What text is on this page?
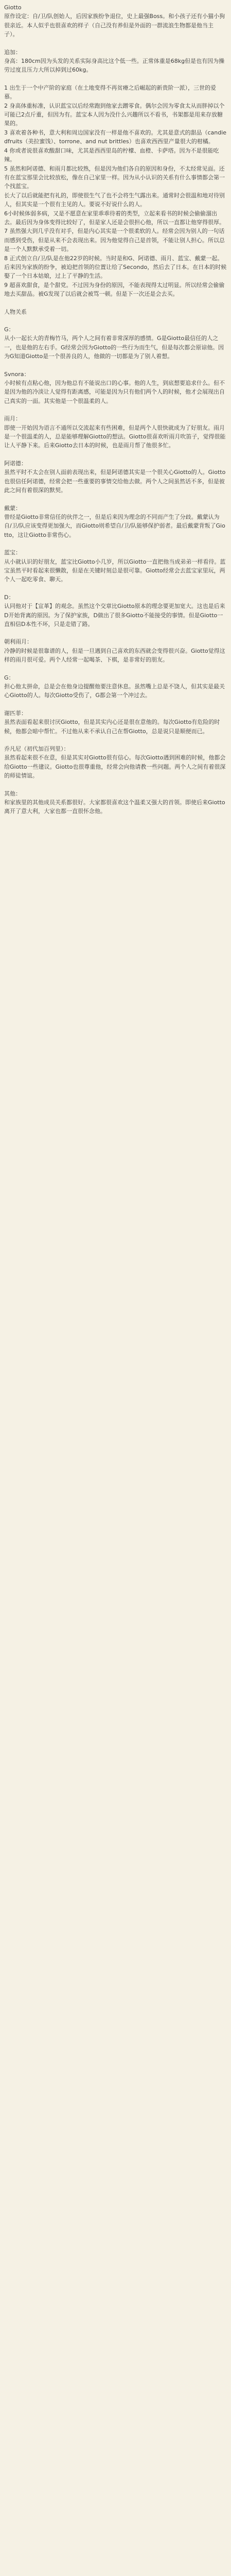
Giotto

原作设定：自/卫/队创始人，后因家族纷争退位，史上最强Boss。和小孩子还有小猫小狗很亲近。本人似乎也很喜欢的样子（自己没有养但是外面的一群流浪生物都是他当主子）。

追加：

身高：180cm因为头发的关系实际身高比这个低一些。正常体重是68kg但是也有因为操劳过度且压力大所以掉到过60kg。

1 出生于一个中产阶的家庭（在土地变得不再贫瘠之后崛起的新贵阶一派），三世的爱慕。

2 身高体重标准，认识蓝宝以后经常跑到他家去蹭零食。偶尔会因为零食太从而胖掉以个可能已2点斤重，但因为有。蓝宝本人因为没什么兴趣所以不看书，书架都是用来存放糖果的。

3 喜欢着各种书，意大利和周边国家没有一样是他不喜欢的。尤其是意式的甜品（candiedfruits（美拉蜜饯）、torrone、and nut brittles）也喜欢西西里产量很大的柑橘。

4 你或者说很喜欢酸甜口味，尤其是西西里岛的柠檬、血橙、卡萨塔。因为不是很能吃辣。

5 虽然和阿诺德、和雨月都比较熟，但是因为他们各自的原因和身份，不太经常见面。还有在蓝宝那里会比较放松，像在自己家里一样。因为从小认识的关系有什么事情都会第一个找蓝宝。

长大了以后就能把有礼的，即使很生气了也不会将生气露出来。通常时会很温和地对待别人，但其实是一个很有主见的人。要说不好说什么的人。

6小时候体弱多病，又是不愿意在家里乖乖待着的类型，立起来看书的时候会偷偷溜出去。最后因为身体变得比较好了，但是家人还是会很担心他，所以一直都让他穿得很厚。

7 虽然强大到几乎没有对手，但是内心其实是一个很柔软的人。经常会因为别人的一句话而感到受伤，但是从来不会表现出来。因为他觉得自己是首领，不能让别人担心。所以总是一个人默默承受着一切。

8 正式创立自/卫/队是在他22岁的时候。当时是和G、阿诺德、雨月、蓝宝、戴蒙一起。后来因为家族的纷争，被迫把首领的位置让给了Secondo，然后去了日本。在日本的时候娶了一个日本姑娘，过上了平静的生活。

9 超喜欢甜食，是个甜党。不过因为身份的原因，不能表现得太过明显。所以经常会偷偷地去买甜品。被G发现了以后就会被骂一顿。但是下一次还是会去买。

人物关系

G：

从小一起长大的青梅竹马，两个人之间有着非常深厚的感情。G是Giotto最信任的人之一，也是他的左右手。G经常会因为Giotto的一些行为而生气，但是每次都会原谅他。因为G知道Giotto是一个很善良的人，他做的一切都是为了别人着想。

Svnora：

小时候有点粘心他，因为他总有不能说出口的心事。他的人生，到底想要追求什么。但不是因为他的冷淡让人觉得有距离感，可能是因为只有他们两个人的时候，他才会展现出自己真实的一面。其实他是一个很温柔的人。

雨月：

即使一开始因为语言不通所以交流起来有些困难，但是两个人很快就成为了好朋友。雨月是一个很温柔的人，总是能够理解Giotto的想法。Giotto很喜欢听雨月吹笛子，觉得很能让人平静下来。后来Giotto去日本的时候，也是雨月帮了他很多忙。

阿诺德：

虽然平时不太会在别人面前表现出来，但是阿诺德其实是一个很关心Giotto的人。Giotto也很信任阿诺德，经常会把一些重要的事情交给他去做。两个人之间虽然话不多，但是彼此之间有着很深的默契。

戴蒙：

曾经是Giotto非常信任的伙伴之一，但是后来因为理念的不同而产生了分歧。戴蒙认为自/卫/队应该变得更加强大，而Giotto则希望自/卫/队能够保护弱者。最后戴蒙背叛了Giotto，这让Giotto非常伤心。

蓝宝：

从小就认识的好朋友，蓝宝比Giotto小几岁，所以Giotto一直把他当成弟弟一样看待。蓝宝虽然平时看起来很懒散，但是在关键时刻总是很可靠。Giotto经常会去蓝宝家里玩，两个人一起吃零食、聊天。

D：

认同他对于【宣革】的观念。虽然这个交章比Giotto原本的理念要更加宽大。这也是后来D开始背离的原因。为了保护家族，D做出了很多Giotto不能接受的事情。但是Giotto一直相信D本性不坏，只是走错了路。

朝利雨月：

冷静的时候是很靠谱的人，但是一旦遇到自己喜欢的东西就会变得很兴奋。Giotto觉得这样的雨月很可爱。两个人经常一起喝茶、下棋，是非常好的朋友。

G：

担心他太拼命，总是会在他身边提醒他要注意休息。虽然嘴上总是不饶人，但其实是最关心Giotto的人。每次Giotto受伤了，G都会第一个冲过去。

谢匹菲：

虽然表面看起来很讨厌Giotto，但是其实内心还是很在意他的。每次Giotto有危险的时候，他都会暗中帮忙。不过他从来不承认自己在帮Giotto，总是说只是顺便而已。

乔凡尼（初代加百列里）：

虽然看起来很不在意，但是其实对Giotto很有信心。每次Giotto遇到困难的时候，他都会给Giotto一些建议。Giotto也很尊重他，经常会向他请教一些问题。两个人之间有着很深的师徒情谊。

其他：

和家族里的其他成员关系都很好。大家都很喜欢这个温柔又强大的首领。即使后来Giotto离开了意大利，大家也都一直很怀念他。
